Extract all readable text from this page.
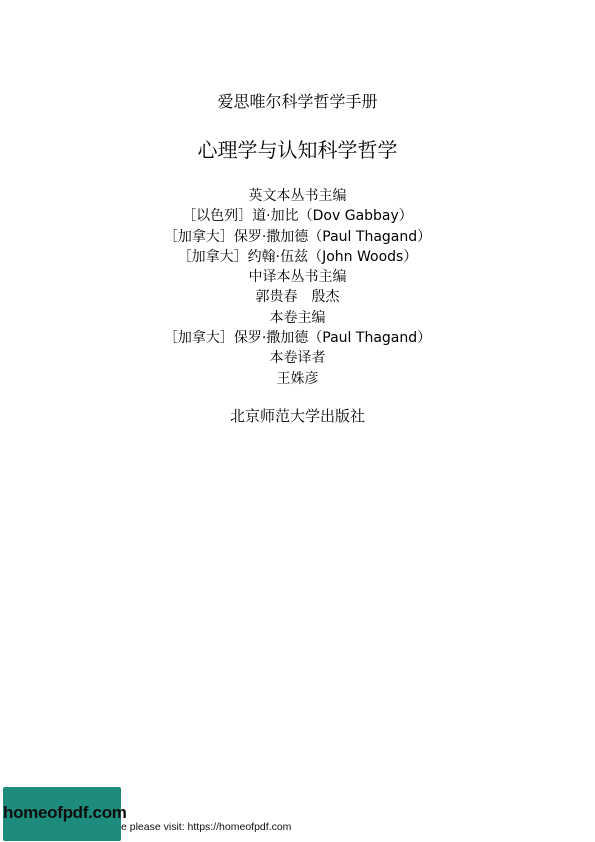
爱思唯尔科学哲学手册
心理学与认知科学哲学
英文本丛书主编
［以色列］道·加比（Dov Gabbay）
［加拿大］保罗·撒加德（Paul Thagand）
［加拿大］约翰·伍兹（John Woods）
中译本丛书主编
郭贵春　殷杰
本卷主编
［加拿大］保罗·撒加德（Paul Thagand）
本卷译者
王姝彦
北京师范大学出版社
homeofpdf.com
e please visit: https://homeofpdf.com
